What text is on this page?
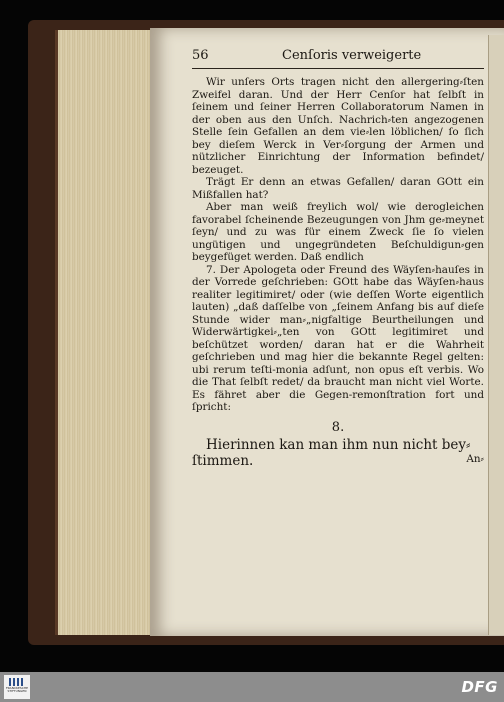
56	Cenſoris verweigerte

Wir unſers Orts tragen nicht den allergering⸗ſten Zweifel daran. Und der Herr Cenſor hat ſelbſt in ſeinem und ſeiner Herren Collaboratorum Namen in der oben aus den Unſch. Nachrich⸗ten angezogenen Stelle ſein Gefallen an dem vie⸗len löblichen/ ſo ſich bey dieſem Werck in Ver⸗ſorgung der Armen und nützlicher Einrichtung der Information befindet/ bezeuget.

Trägt Er denn an etwas Gefallen/ daran GOtt ein Mißfallen hat?

Aber man weiß freylich wol/ wie derogleichen favorabel ſcheinende Bezeugungen von Jhm ge⸗meynet ſeyn/ und zu was für einem Zweck ſie ſo vielen ungütigen und ungegründeten Beſchuldigun⸗gen beygefüget werden. Daß endlich

7. Der Apologeta oder Freund des Wäyſen⸗hauſes in der Vorrede geſchrieben: GOtt habe das Wäyſen⸗haus realiter legitimiret/ oder (wie deſſen Worte eigentlich lauten) „daß daſſelbe von „ſeinem Anfang bis auf dieſe Stunde wider man⸗„nigfaltige Beurtheilungen und Widerwärtigkei⸗„ten von GOtt legitimiret und beſchützet worden/ daran hat er die Wahrheit geſchrieben und mag hier die bekannte Regel gelten: ubi rerum teſti-monia adſunt, non opus eſt verbis. Wo die That ſelbſt redet/ da braucht man nicht viel Worte. Es fähret aber die Gegen-remonſtration fort und ſpricht:

8.
Hierinnen kan man ihm nun nicht bey⸗ſtimmen.	An⸗
FRANCKESCHE STIFTUNGEN	DFG
